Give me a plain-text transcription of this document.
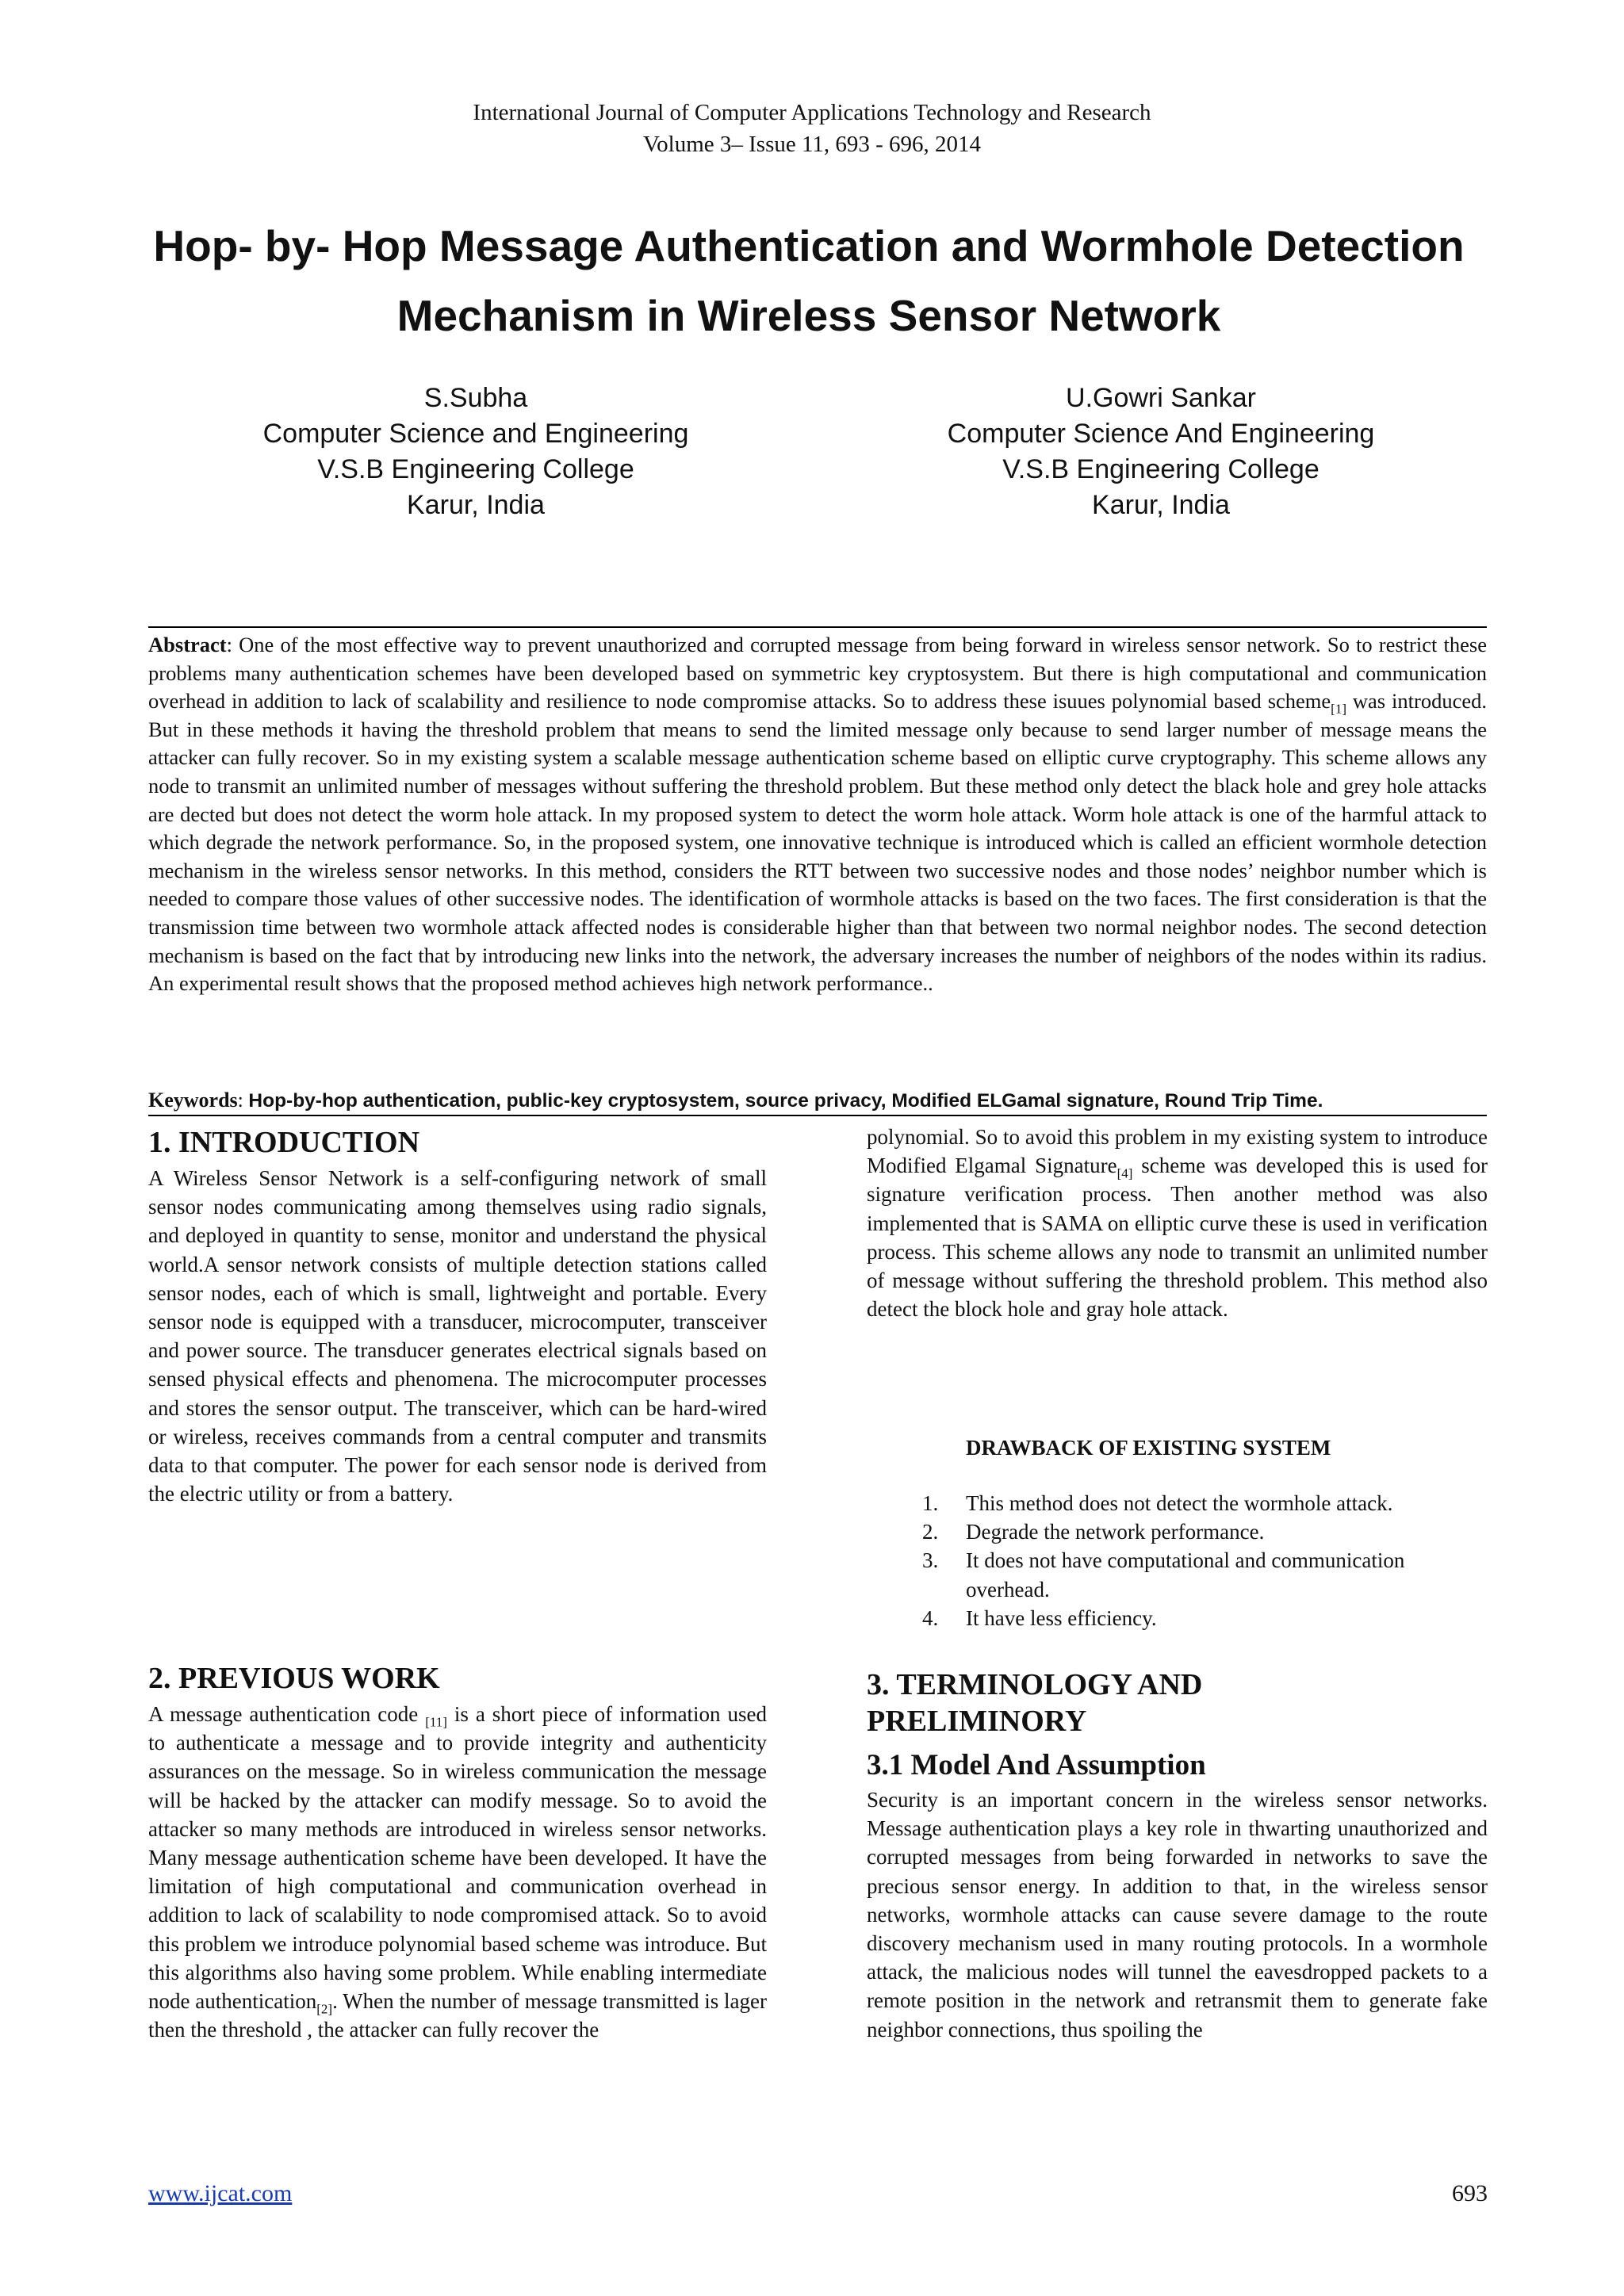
International Journal of Computer Applications Technology and Research
Volume 3– Issue 11, 693 - 696, 2014
Hop- by- Hop Message Authentication and Wormhole Detection
Mechanism in Wireless Sensor Network
S.Subha
Computer Science and Engineering
V.S.B Engineering College
Karur, India
U.Gowri Sankar
Computer Science And Engineering
V.S.B Engineering College
Karur, India
Abstract: One of the most effective way to prevent unauthorized and corrupted message from being forward in wireless sensor network. So to restrict these problems many authentication schemes have been developed based on symmetric key cryptosystem. But there is high computational and communication overhead in addition to lack of scalability and resilience to node compromise attacks. So to address these isuues polynomial based scheme$_{[1]}$ was introduced. But in these methods it having the threshold problem that means to send the limited message only because to send larger number of message means the attacker can fully recover. So in my existing system a scalable message authentication scheme based on elliptic curve cryptography. This scheme allows any node to transmit an unlimited number of messages without suffering the threshold problem. But these method only detect the black hole and grey hole attacks are dected but does not detect the worm hole attack. In my proposed system to detect the worm hole attack. Worm hole attack is one of the harmful attack to which degrade the network performance. So, in the proposed system, one innovative technique is introduced which is called an efficient wormhole detection mechanism in the wireless sensor networks. In this method, considers the RTT between two successive nodes and those nodes’ neighbor number which is needed to compare those values of other successive nodes. The identification of wormhole attacks is based on the two faces. The first consideration is that the transmission time between two wormhole attack affected nodes is considerable higher than that between two normal neighbor nodes. The second detection mechanism is based on the fact that by introducing new links into the network, the adversary increases the number of neighbors of the nodes within its radius. An experimental result shows that the proposed method achieves high network performance..
Keywords: Hop-by-hop authentication, public-key cryptosystem, source privacy, Modified ELGamal signature, Round Trip Time.
1. INTRODUCTION
A Wireless Sensor Network is a self-configuring network of small sensor nodes communicating among themselves using radio signals, and deployed in quantity to sense, monitor and understand the physical world.A sensor network consists of multiple detection stations called sensor nodes, each of which is small, lightweight and portable. Every sensor node is equipped with a transducer, microcomputer, transceiver and power source. The transducer generates electrical signals based on sensed physical effects and phenomena. The microcomputer processes and stores the sensor output. The transceiver, which can be hard-wired or wireless, receives commands from a central computer and transmits data to that computer. The power for each sensor node is derived from the electric utility or from a battery.
2. PREVIOUS WORK
A message authentication code $_{[11]}$ is a short piece of information used to authenticate a message and to provide integrity and authenticity assurances on the message. So in wireless communication the message will be hacked by the attacker can modify message. So to avoid the attacker so many methods are introduced in wireless sensor networks. Many message authentication scheme have been developed. It have the limitation of high computational and communication overhead in addition to lack of scalability to node compromised attack. So to avoid this problem we introduce polynomial based scheme was introduce. But this algorithms also having some problem. While enabling intermediate node authentication$_{[2]}$. When the number of message transmitted is lager then the threshold , the attacker can fully recover the
polynomial. So to avoid this problem in my existing system to introduce Modified Elgamal Signature$_{[4]}$ scheme was developed this is used for signature verification process. Then another method was also implemented that is SAMA on elliptic curve these is used in verification process. This scheme allows any node to transmit an unlimited number of message without suffering the threshold problem. This method also detect the block hole and gray hole attack.
DRAWBACK OF EXISTING SYSTEM
1.	This method does not detect the wormhole attack.
2.	Degrade the network performance.
3.	It does not have computational and communication overhead.
4.	It have less efficiency.
3. TERMINOLOGY AND
PRELIMINORY
3.1 Model And Assumption
Security is an important concern in the wireless sensor networks. Message authentication plays a key role in thwarting unauthorized and corrupted messages from being forwarded in networks to save the precious sensor energy. In addition to that, in the wireless sensor networks, wormhole attacks can cause severe damage to the route discovery mechanism used in many routing protocols. In a wormhole attack, the malicious nodes will tunnel the eavesdropped packets to a remote position in the network and retransmit them to generate fake neighbor connections, thus spoiling the
www.ijcat.com	693
